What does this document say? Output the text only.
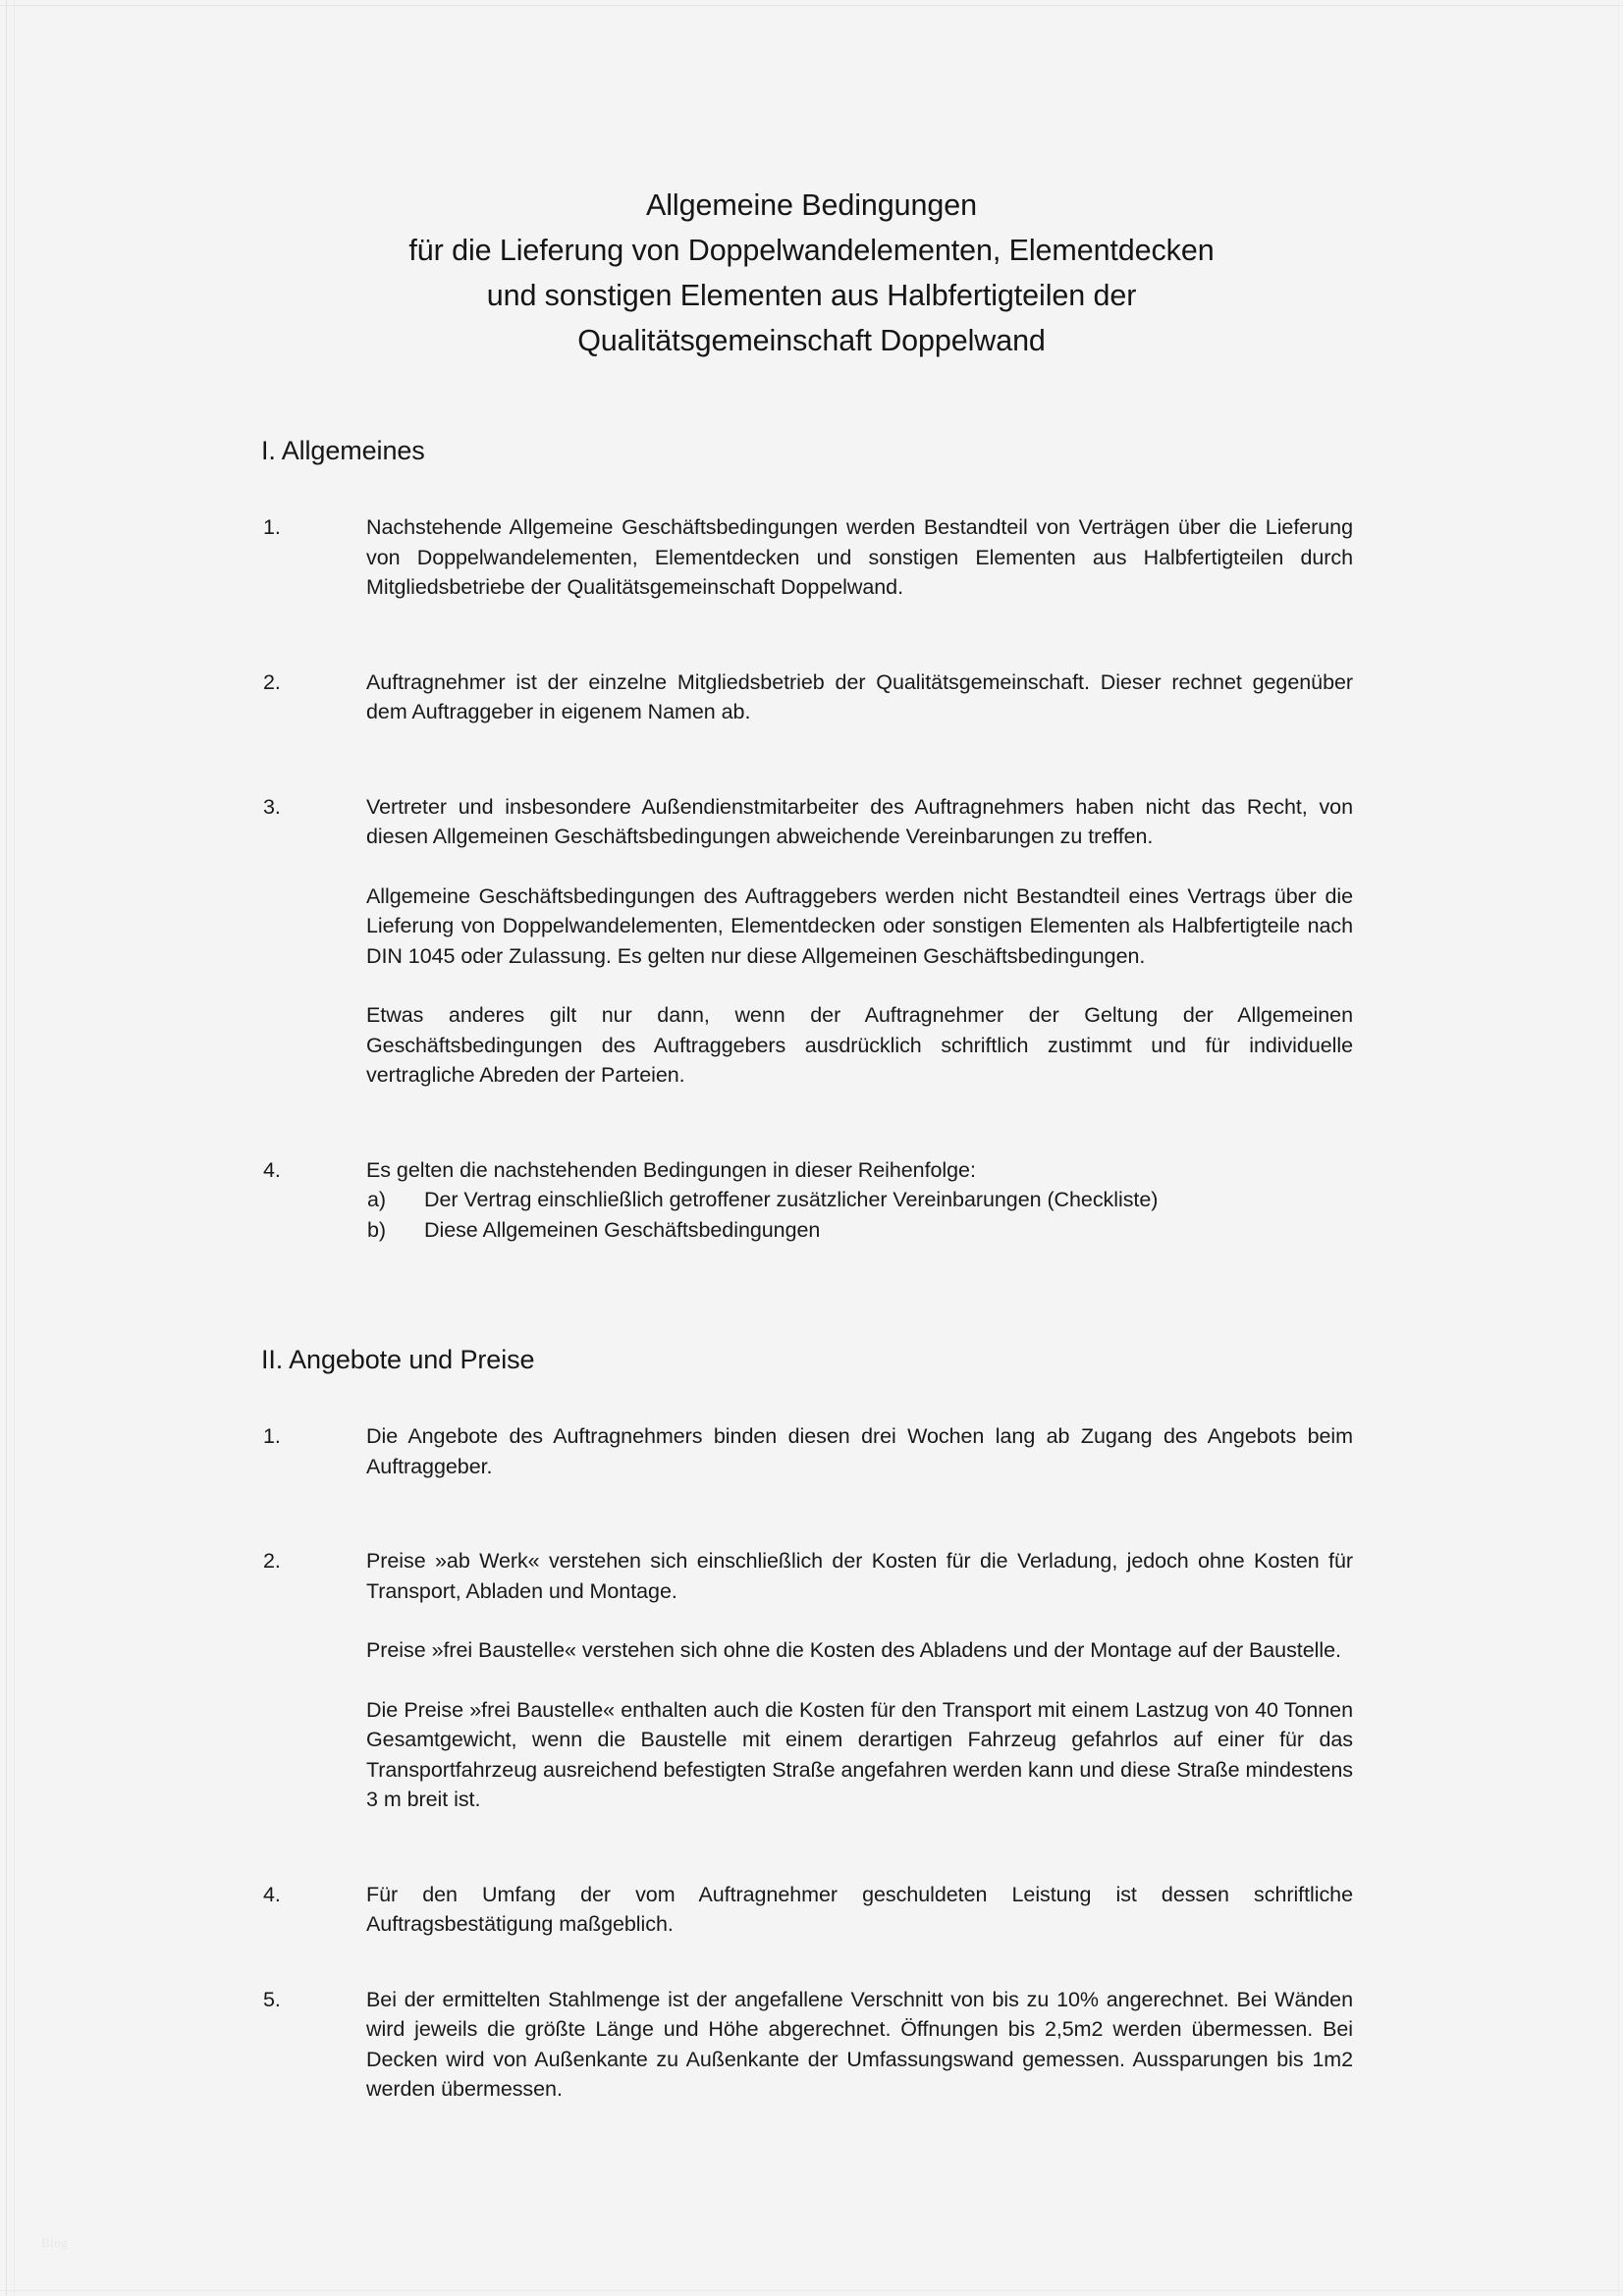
Allgemeine Bedingungen
für die Lieferung von Doppelwandelementen, Elementdecken
und sonstigen Elementen aus Halbfertigteilen der
Qualitätsgemeinschaft Doppelwand
I. Allgemeines
1.	Nachstehende Allgemeine Geschäftsbedingungen werden Bestandteil von Verträgen über die Lieferung von Doppelwandelementen, Elementdecken und sonstigen Elementen aus Halbfertigteilen durch Mitgliedsbetriebe der Qualitätsgemeinschaft Doppelwand.

2.	Auftragnehmer ist der einzelne Mitgliedsbetrieb der Qualitätsgemeinschaft. Dieser rechnet gegenüber dem Auftraggeber in eigenem Namen ab.

3.	Vertreter und insbesondere Außendienstmitarbeiter des Auftragnehmers haben nicht das Recht, von diesen Allgemeinen Geschäftsbedingungen abweichende Vereinbarungen zu treffen.

Allgemeine Geschäftsbedingungen des Auftraggebers werden nicht Bestandteil eines Vertrags über die Lieferung von Doppelwandelementen, Elementdecken oder sonstigen Elementen als Halbfertigteile nach DIN 1045 oder Zulassung. Es gelten nur diese Allgemeinen Geschäftsbedingungen.

Etwas anderes gilt nur dann, wenn der Auftragnehmer der Geltung der Allgemeinen Geschäftsbedingungen des Auftraggebers ausdrücklich schriftlich zustimmt und für individuelle vertragliche Abreden der Parteien.

4.	Es gelten die nachstehenden Bedingungen in dieser Reihenfolge:

a) Der Vertrag einschließlich getroffener zusätzlicher Vereinbarungen (Checkliste)
b) Diese Allgemeinen Geschäftsbedingungen
II. Angebote und Preise
1.	Die Angebote des Auftragnehmers binden diesen drei Wochen lang ab Zugang des Angebots beim Auftraggeber.

2.	Preise »ab Werk« verstehen sich einschließlich der Kosten für die Verladung, jedoch ohne Kosten für Transport, Abladen und Montage.

Preise »frei Baustelle« verstehen sich ohne die Kosten des Abladens und der Montage auf der Baustelle.

Die Preise »frei Baustelle« enthalten auch die Kosten für den Transport mit einem Lastzug von 40 Tonnen Gesamtgewicht, wenn die Baustelle mit einem derartigen Fahrzeug gefahrlos auf einer für das Transportfahrzeug ausreichend befestigten Straße angefahren werden kann und diese Straße mindestens 3 m breit ist.

4.	Für den Umfang der vom Auftragnehmer geschuldeten Leistung ist dessen schriftliche Auftragsbestätigung maßgeblich.

5.	Bei der ermittelten Stahlmenge ist der angefallene Verschnitt von bis zu 10% angerechnet. Bei Wänden wird jeweils die größte Länge und Höhe abgerechnet. Öffnungen bis 2,5m2 werden übermessen. Bei Decken wird von Außenkante zu Außenkante der Umfassungswand gemessen. Aussparungen bis 1m2 werden übermessen.

Blog
